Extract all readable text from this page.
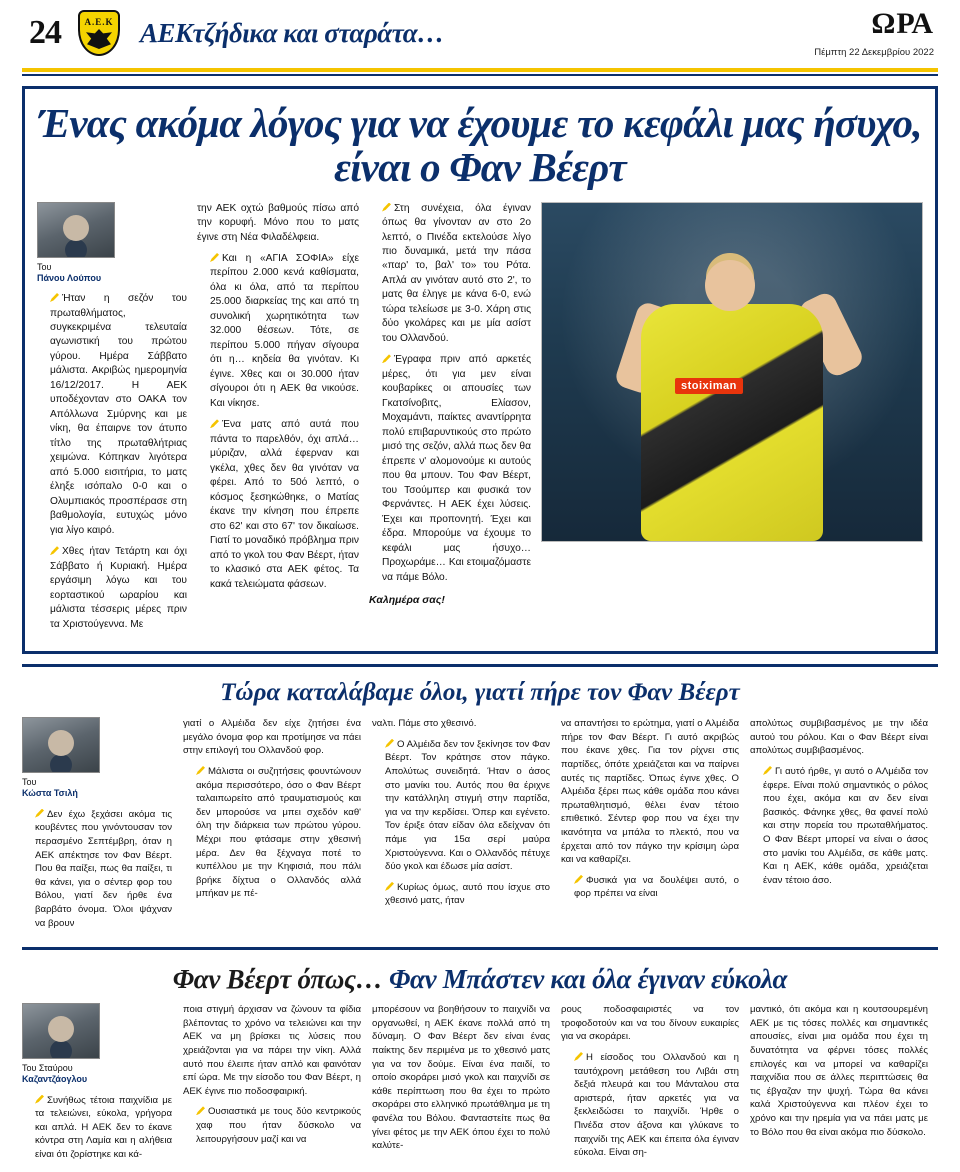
24	Α.Ε.Κ ΑΕΚτζήδικα και σταράτα…	ΩΡΑ
Πέμπτη 22 Δεκεμβρίου 2022
Ένας ακόμα λόγος για να έχουμε το κεφάλι μας ήσυχο, είναι ο Φαν Βέερτ
Του
Πάνου Λούπου

Ήταν η σεζόν του πρωταθλήματος, συγκεκριμένα τελευταία αγωνιστική του πρώτου γύρου. Ημέρα Σάββατο μάλιστα. Ακριβώς ημερομηνία 16/12/2017. Η ΑΕΚ υποδέχονταν στο ΟΑΚΑ τον Απόλλωνα Σμύρνης και με νίκη, θα έπαιρνε τον άτυπο τίτλο της πρωταθλήτριας χειμώνα. Κόπηκαν λιγότερα από 5.000 εισιτήρια, το ματς έληξε ισόπαλο 0-0 και ο Ολυμπιακός προσπέρασε στη βαθμολογία, ευτυχώς μόνο για λίγο καιρό.

Χθες ήταν Τετάρτη και όχι Σάββατο ή Κυριακή. Ημέρα εργάσιμη λόγω και του εορταστικού ωραρίου και μάλιστα τέσσερις μέρες πριν τα Χριστούγεννα. Με

την ΑΕΚ οχτώ βαθμούς πίσω από την κορυφή. Μόνο που το ματς έγινε στη Νέα Φιλαδέλφεια.

Και η «ΑΓΙΑ ΣΟΦΙΑ» είχε περίπου 2.000 κενά καθίσματα, όλα κι όλα, από τα περίπου 25.000 διαρκείας της και από τη συνολική χωρητικότητα των 32.000 θέσεων. Τότε, σε περίπου 5.000 πήγαν σίγουρα ότι η… κηδεία θα γινόταν. Κι έγινε. Χθες και οι 30.000 ήταν σίγουροι ότι η ΑΕΚ θα νικούσε. Και νίκησε.

Ένα ματς από αυτά που πάντα το παρελθόν, όχι απλά… μύριζαν, αλλά έφερναν και γκέλα, χθες δεν θα γινόταν να φέρει. Από το 50ό λεπτό, ο κόσμος ξεσηκώθηκε, ο Ματίας έκανε την κίνηση που έπρεπε στο 62' και στο 67' τον δικαίωσε. Γιατί το μοναδικό πρόβλημα πριν από το γκολ του Φαν Βέερτ, ήταν το κλασικό στα ΑΕΚ φέτος. Τα κακά τελειώματα φάσεων.

Στη συνέχεια, όλα έγιναν όπως θα γίνονταν αν στο 2ο λεπτό, ο Πινέδα εκτελούσε λίγο πιο δυναμικά, μετά την πάσα «παρ' το, βαλ' το» του Ρότα. Απλά αν γινόταν αυτό στο 2', το ματς θα έληγε με κάνα 6-0, ενώ τώρα τελείωσε με 3-0. Χάρη στις δύο γκολάρες και με μία ασίστ του Ολλανδού.

Έγραφα πριν από αρκετές μέρες, ότι για μεν είναι κουβαρίκες οι απουσίες των Γκατσίνοβιτς, Ελίασον, Μοχαμάντι, παίκτες αναντίρρητα πολύ επιβαρυντικούς στο πρώτο μισό της σεζόν, αλλά πως δεν θα έπρεπε ν' αλομονούμε κι αυτούς που θα μπουν. Του Φαν Βέερτ, του Τσούμπερ και φυσικά τον Φερνάντες. Η ΑΕΚ έχει λύσεις. Έχει και προπονητή. Έχει και έδρα. Μπορούμε να έχουμε το κεφάλι μας ήσυχο… Προχωράμε… Και ετοιμαζόμαστε να πάμε Βόλο.

Καλημέρα σας!
stoiximan
Τώρα καταλάβαμε όλοι, γιατί πήρε τον Φαν Βέερτ
Του
Κώστα Τσιλή

Δεν έχω ξεχάσει ακόμα τις κουβέντες που γινόντουσαν τον περασμένο Σεπτέμβρη, όταν η ΑΕΚ απέκτησε τον Φαν Βέερτ. Που θα παίξει, πως θα παίξει, τι θα κάνει, για ο σέντερ φορ του Βόλου, γιατί δεν ήρθε ένα βαρβάτο όνομα. Όλοι ψάχναν να βρουν

γιατί ο Αλμέιδα δεν είχε ζητήσει ένα μεγάλο όνομα φορ και προτίμησε να πάει στην επιλογή του Ολλανδού φορ.

Μάλιστα οι συζητήσεις φουντώνουν ακόμα περισσότερο, όσο ο Φαν Βέερτ ταλαιπωρείτο από τραυματισμούς και δεν μπορούσε να μπει σχεδόν καθ' όλη την διάρκεια των πρώτου γύρου. Μέχρι που φτάσαμε στην χθεσινή μέρα. Δεν θα ξέχναγα ποτέ το κυπέλλου με την Κηφισιά, που πάλι βρήκε δίχτυα ο Ολλανδός αλλά μπήκαν με πέ-

ναλτι. Πάμε στο χθεσινό.

Ο Αλμέιδα δεν τον ξεκίνησε τον Φαν Βέερτ. Τον κράτησε στον πάγκο. Απολύτως συνειδητά. Ήταν ο άσος στο μανίκι του. Αυτός που θα έριχνε την κατάλληλη στιγμή στην παρτίδα, για να την κερδίσει. Όπερ και εγένετο. Τον έριξε όταν είδαν όλα εδείχναν ότι πάμε για 15α σερί μαύρα Χριστούγεννα. Και ο Ολλανδός πέτυχε δύο γκολ και έδωσε μία ασίστ.

Κυρίως όμως, αυτό που ίσχυε στο χθεσινό ματς, ήταν

να απαντήσει το ερώτημα, γιατί ο Αλμέιδα πήρε τον Φαν Βέερτ. Γι αυτό ακριβώς που έκανε χθες. Για τον ρίχνει στις παρτίδες, όπότε χρειάζεται και να παίρνει αυτές τις παρτίδες. Όπως έγινε χθες. Ο Αλμέιδα ξέρει πως κάθε ομάδα που κάνει πρωταθλητισμό, θέλει έναν τέτοιο επιθετικό. Σέντερ φορ που να έχει την ικανότητα να μπάλα το πλεκτό, που να έρχεται από τον πάγκο την κρίσιμη ώρα και να καθαρίζει.

Φυσικά για να δουλέψει αυτό, ο φορ πρέπει να είναι

απολύτως συμβιβασμένος με την ιδέα αυτού του ρόλου. Και ο Φαν Βέερτ είναι απολύτως συμβιβασμένος.

Γι αυτό ήρθε, γι αυτό ο ΑΛμέιδα τον έφερε. Είναι πολύ σημαντικός ο ρόλος που έχει, ακόμα και αν δεν είναι βασικός. Φάνηκε χθες, θα φανεί πολύ και στην πορεία του πρωταθλήματος. Ο Φαν Βέερτ μπορεί να είναι ο άσος στο μανίκι του Αλμέιδα, σε κάθε ματς. Και η ΑΕΚ, κάθε ομάδα, χρειάζεται έναν τέτοιο άσο.

Φαν Βέερτ όπως… Φαν Μπάστεν και όλα έγιναν εύκολα
Του Σταύρου
Καζαντζάογλου

Συνήθως τέτοια παιχνίδια με τα τελειώνει, εύκολα, γρήγορα και απλά. Η ΑΕΚ δεν το έκανε κόντρα στη Λαμία και η αλήθεια είναι ότι ζορίστηκε και κά-

ποια στιγμή άρχισαν να ζώνουν τα φίδια βλέποντας το χρόνο να τελειώνει και την ΑΕΚ να μη βρίσκει τις λύσεις που χρειάζονται για να πάρει την νίκη. Αλλά αυτό που έλειπε ήταν απλό και φαινόταν επί ώρα. Με την είσοδο του Φαν Βέερτ, η ΑΕΚ έγινε πιο ποδοσφαιρική.

Ουσιαστικά με τους δύο κεντρικούς χαφ που ήταν δύσκολο να λειτουργήσουν μαζί και να

μπορέσουν να βοηθήσουν το παιχνίδι να οργανωθεί, η ΑΕΚ έκανε πολλά από τη δύναμη. Ο Φαν Βέερτ δεν είναι ένας παίκτης δεν περιμένα με το χθεσινό ματς για να τον δούμε. Είναι ένα παιδί, το οποίο σκοράρει μισό γκολ και παιχνίδι σε κάθε περίπτωση που θα έχει το πρώτο σκοράρει στο ελληνικό πρωτάθλημα με τη φανέλα του Βόλου. Φανταστείτε πως θα γίνει φέτος με την ΑΕΚ όπου έχει το πολύ καλύτε-

ρους ποδοσφαιριστές να τον τροφοδοτούν και να του δίνουν ευκαιρίες για να σκοράρει.

Η είσοδος του Ολλανδού και η ταυτόχρονη μετάθεση του Λιβάι στη δεξιά πλευρά και του Μάνταλου στα αριστερά, ήταν αρκετές για να ξεκλειδώσει το παιχνίδι. Ήρθε ο Πινέδα στον άξονα και γλύκανε το παιχνίδι της ΑΕΚ και έπειτα όλα έγιναν εύκολα. Είναι ση-

μαντικό, ότι ακόμα και η κουτσουρεμένη ΑΕΚ με τις τόσες πολλές και σημαντικές απουσίες, είναι μια ομάδα που έχει τη δυνατότητα να φέρνει τόσες πολλές επιλογές και να μπορεί να καθαρίζει παιχνίδια που σε άλλες περιπτώσεις θα τις έβγαζαν την ψυχή. Τώρα θα κάνει καλά Χριστούγεννα και πλέον έχει το χρόνο και την ηρεμία για να πάει ματς με το Βόλο που θα είναι ακόμα πιο δύσκολο.
